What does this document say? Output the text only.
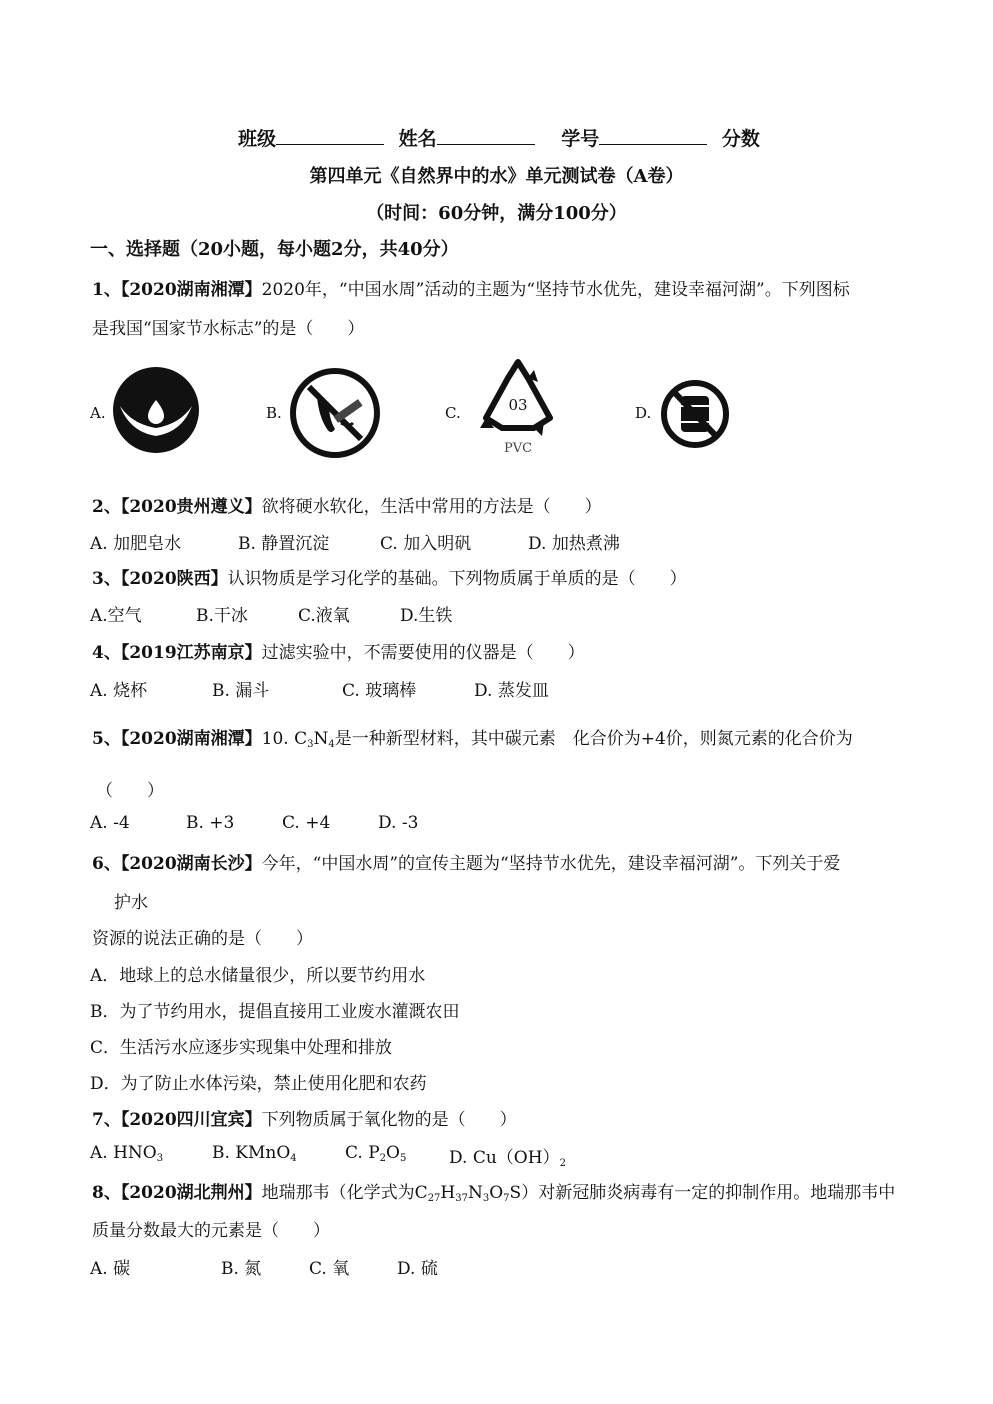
班级	姓名	学号	分数
第四单元《自然界中的水》单元测试卷（A卷）
（时间：60分钟，满分100分）
一、选择题（20小题，每小题2分，共40分）
1、【2020湖南湘潭】2020年，“中国水周”活动的主题为“坚持节水优先，建设幸福河湖”。下列图标
是我国“国家节水标志”的是（　　）
A.	B.	C.	03
PVC
D.
2、【2020贵州遵义】欲将硬水软化，生活中常用的方法是（　　）
A. 加肥皂水	B. 静置沉淀	C. 加入明矾	D. 加热煮沸
3、【2020陕西】认识物质是学习化学的基础。下列物质属于单质的是（　　）
A.空气	B.干冰	C.液氧	D.生铁
4、【2019江苏南京】过滤实验中，不需要使用的仪器是（　　）
A. 烧杯	B. 漏斗	C. 玻璃棒	D. 蒸发皿
5、【2020湖南湘潭】10. $C_3N_4$是一种新型材料，其中碳元素　化合价为+4价，则氮元素的化合价为
（　　）
A. -4	B. +3	C. +4	D. -3
6、【2020湖南长沙】今年，“中国水周”的宣传主题为“坚持节水优先，建设幸福河湖”。下列关于爱
护水
资源的说法正确的是（　　）
A．地球上的总水储量很少，所以要节约用水
B．为了节约用水，提倡直接用工业废水灌溉农田
C．生活污水应逐步实现集中处理和排放
D．为了防止水体污染，禁止使用化肥和农药
7、【2020四川宜宾】下列物质属于氧化物的是（　　）
A. $HNO_3$	B. KMnO$_4$	C. $P_2O_5$	D. $Cu(OH)_2$
8、【2020湖北荆州】地瑞那韦（化学式为$C_{27}H_{37}N_3O_7S$）对新冠肺炎病毒有一定的抑制作用。地瑞那韦中
质量分数最大的元素是（　　）
A. 碳	B. 氮	C. 氧	D. 硫
